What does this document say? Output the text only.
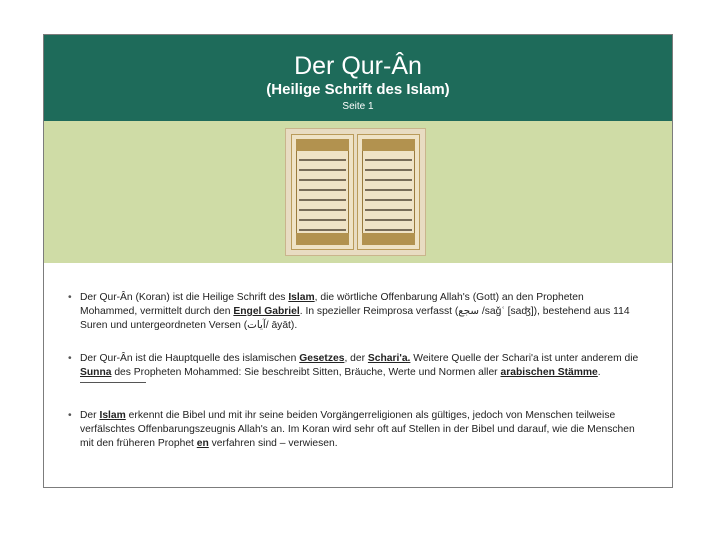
Der Qur-Ân
(Heilige Schrift des Islam)
Seite 1
• Der Qur-Ân (Koran) ist die Heilige Schrift des Islam, die wörtliche Offenbarung Allah's (Gott) an den Propheten Mohammed, vermittelt durch den Engel Gabriel. In spezieller Reimprosa verfasst (سجع /saǧʿ [saʤ]), bestehend aus 114 Suren und untergeordneten Versen (آيات/ āyāt).

• Der Qur-Ân ist die Hauptquelle des islamischen Gesetzes, der Schari'a. Weitere Quelle der Schari'a ist unter anderem die Sunna des Propheten Mohammed: Sie beschreibt Sitten, Bräuche, Werte und Normen aller arabischen Stämme.

• Der Islam erkennt die Bibel und mit ihr seine beiden Vorgängerreligionen als gültiges, jedoch von Menschen teilweise verfälschtes Offenbarungszeugnis Allah's an. Im Koran wird sehr oft auf Stellen in der Bibel und darauf, wie die Menschen mit den früheren Prophet en verfahren sind – verwiesen.
